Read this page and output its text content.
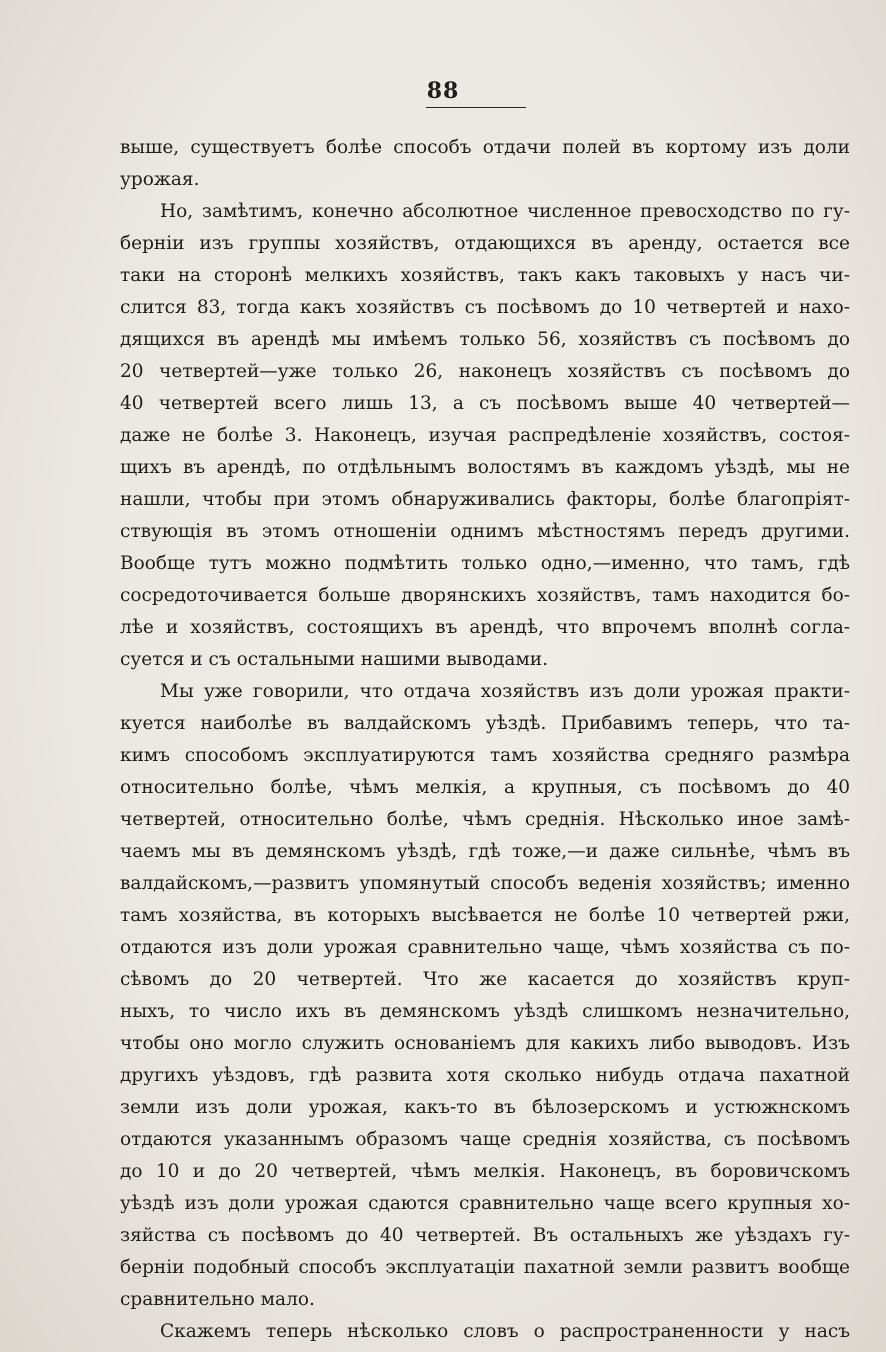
88
выше, существуетъ болѣе способъ отдачи полей въ кортому изъ доли
урожая.
Но, замѣтимъ, конечно абсолютное численное превосходство по гу-
берніи изъ группы хозяйствъ, отдающихся въ аренду, остается все
таки на сторонѣ мелкихъ хозяйствъ, такъ какъ таковыхъ у насъ чи-
слится 83, тогда какъ хозяйствъ съ посѣвомъ до 10 четвертей и нахо-
дящихся въ арендѣ мы имѣемъ только 56, хозяйствъ съ посѣвомъ до
20 четвертей—уже только 26, наконецъ хозяйствъ съ посѣвомъ до
40 четвертей всего лишь 13, а съ посѣвомъ выше 40 четвертей—
даже не болѣе 3. Наконецъ, изучая распредѣленіе хозяйствъ, состоя-
щихъ въ арендѣ, по отдѣльнымъ волостямъ въ каждомъ уѣздѣ, мы не
нашли, чтобы при этомъ обнаруживались факторы, болѣе благопріят-
ствующія въ этомъ отношеніи однимъ мѣстностямъ передъ другими.
Вообще тутъ можно подмѣтить только одно,—именно, что тамъ, гдѣ
сосредоточивается больше дворянскихъ хозяйствъ, тамъ находится бо-
лѣе и хозяйствъ, состоящихъ въ арендѣ, что впрочемъ вполнѣ согла-
суется и съ остальными нашими выводами.
Мы уже говорили, что отдача хозяйствъ изъ доли урожая практи-
куется наиболѣе въ валдайскомъ уѣздѣ. Прибавимъ теперь, что та-
кимъ способомъ эксплуатируются тамъ хозяйства средняго размѣра
относительно болѣе, чѣмъ мелкія, а крупныя, съ посѣвомъ до 40
четвертей, относительно болѣе, чѣмъ среднія. Нѣсколько иное замѣ-
чаемъ мы въ демянскомъ уѣздѣ, гдѣ тоже,—и даже сильнѣе, чѣмъ въ
валдайскомъ,—развитъ упомянутый способъ веденія хозяйствъ; именно
тамъ хозяйства, въ которыхъ высѣвается не болѣе 10 четвертей ржи,
отдаются изъ доли урожая сравнительно чаще, чѣмъ хозяйства съ по-
сѣвомъ до 20 четвертей. Что же касается до хозяйствъ круп-
ныхъ, то число ихъ въ демянскомъ уѣздѣ слишкомъ незначительно,
чтобы оно могло служить основаніемъ для какихъ либо выводовъ. Изъ
другихъ уѣздовъ, гдѣ развита хотя сколько нибудь отдача пахатной
земли изъ доли урожая, какъ-то въ бѣлозерскомъ и устюжнскомъ
отдаются указаннымъ образомъ чаще среднія хозяйства, съ посѣвомъ
до 10 и до 20 четвертей, чѣмъ мелкія. Наконецъ, въ боровичскомъ
уѣздѣ изъ доли урожая сдаются сравнительно чаще всего крупныя хо-
зяйства съ посѣвомъ до 40 четвертей. Въ остальныхъ же уѣздахъ гу-
берніи подобный способъ эксплуатаціи пахатной земли развитъ вообще
сравнительно мало.
Скажемъ теперь нѣсколько словъ о распространенности у насъ
